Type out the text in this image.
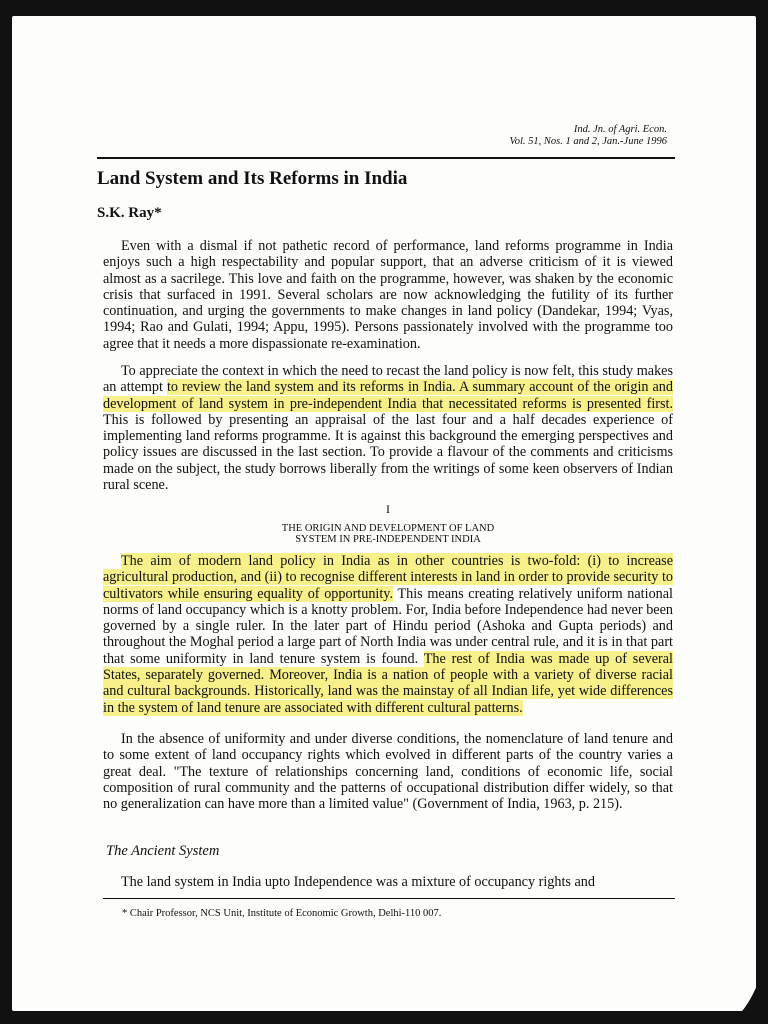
Ind. Jn. of Agri. Econ.
Vol. 51, Nos. 1 and 2, Jan.-June 1996
Land System and Its Reforms in India
S.K. Ray*
Even with a dismal if not pathetic record of performance, land reforms programme in India enjoys such a high respectability and popular support, that an adverse criticism of it is viewed almost as a sacrilege. This love and faith on the programme, however, was shaken by the economic crisis that surfaced in 1991. Several scholars are now acknowledging the futility of its further continuation, and urging the governments to make changes in land policy (Dandekar, 1994; Vyas, 1994; Rao and Gulati, 1994; Appu, 1995). Persons passionately involved with the programme too agree that it needs a more dispassionate re-examination.
To appreciate the context in which the need to recast the land policy is now felt, this study makes an attempt to review the land system and its reforms in India. A summary account of the origin and development of land system in pre-independent India that necessitated reforms is presented first. This is followed by presenting an appraisal of the last four and a half decades experience of implementing land reforms programme. It is against this background the emerging perspectives and policy issues are discussed in the last section. To provide a flavour of the comments and criticisms made on the subject, the study borrows liberally from the writings of some keen observers of Indian rural scene.
I
THE ORIGIN AND DEVELOPMENT OF LAND
SYSTEM IN PRE-INDEPENDENT INDIA
The aim of modern land policy in India as in other countries is two-fold: (i) to increase agricultural production, and (ii) to recognise different interests in land in order to provide security to cultivators while ensuring equality of opportunity. This means creating relatively uniform national norms of land occupancy which is a knotty problem. For, India before Independence had never been governed by a single ruler. In the later part of Hindu period (Ashoka and Gupta periods) and throughout the Moghal period a large part of North India was under central rule, and it is in that part that some uniformity in land tenure system is found. The rest of India was made up of several States, separately governed. Moreover, India is a nation of people with a variety of diverse racial and cultural backgrounds. Historically, land was the mainstay of all Indian life, yet wide differences in the system of land tenure are associated with different cultural patterns.
In the absence of uniformity and under diverse conditions, the nomenclature of land tenure and to some extent of land occupancy rights which evolved in different parts of the country varies a great deal. "The texture of relationships concerning land, conditions of economic life, social composition of rural community and the patterns of occupational distribution differ widely, so that no generalization can have more than a limited value" (Government of India, 1963, p. 215).
The Ancient System
The land system in India upto Independence was a mixture of occupancy rights and
* Chair Professor, NCS Unit, Institute of Economic Growth, Delhi-110 007.
